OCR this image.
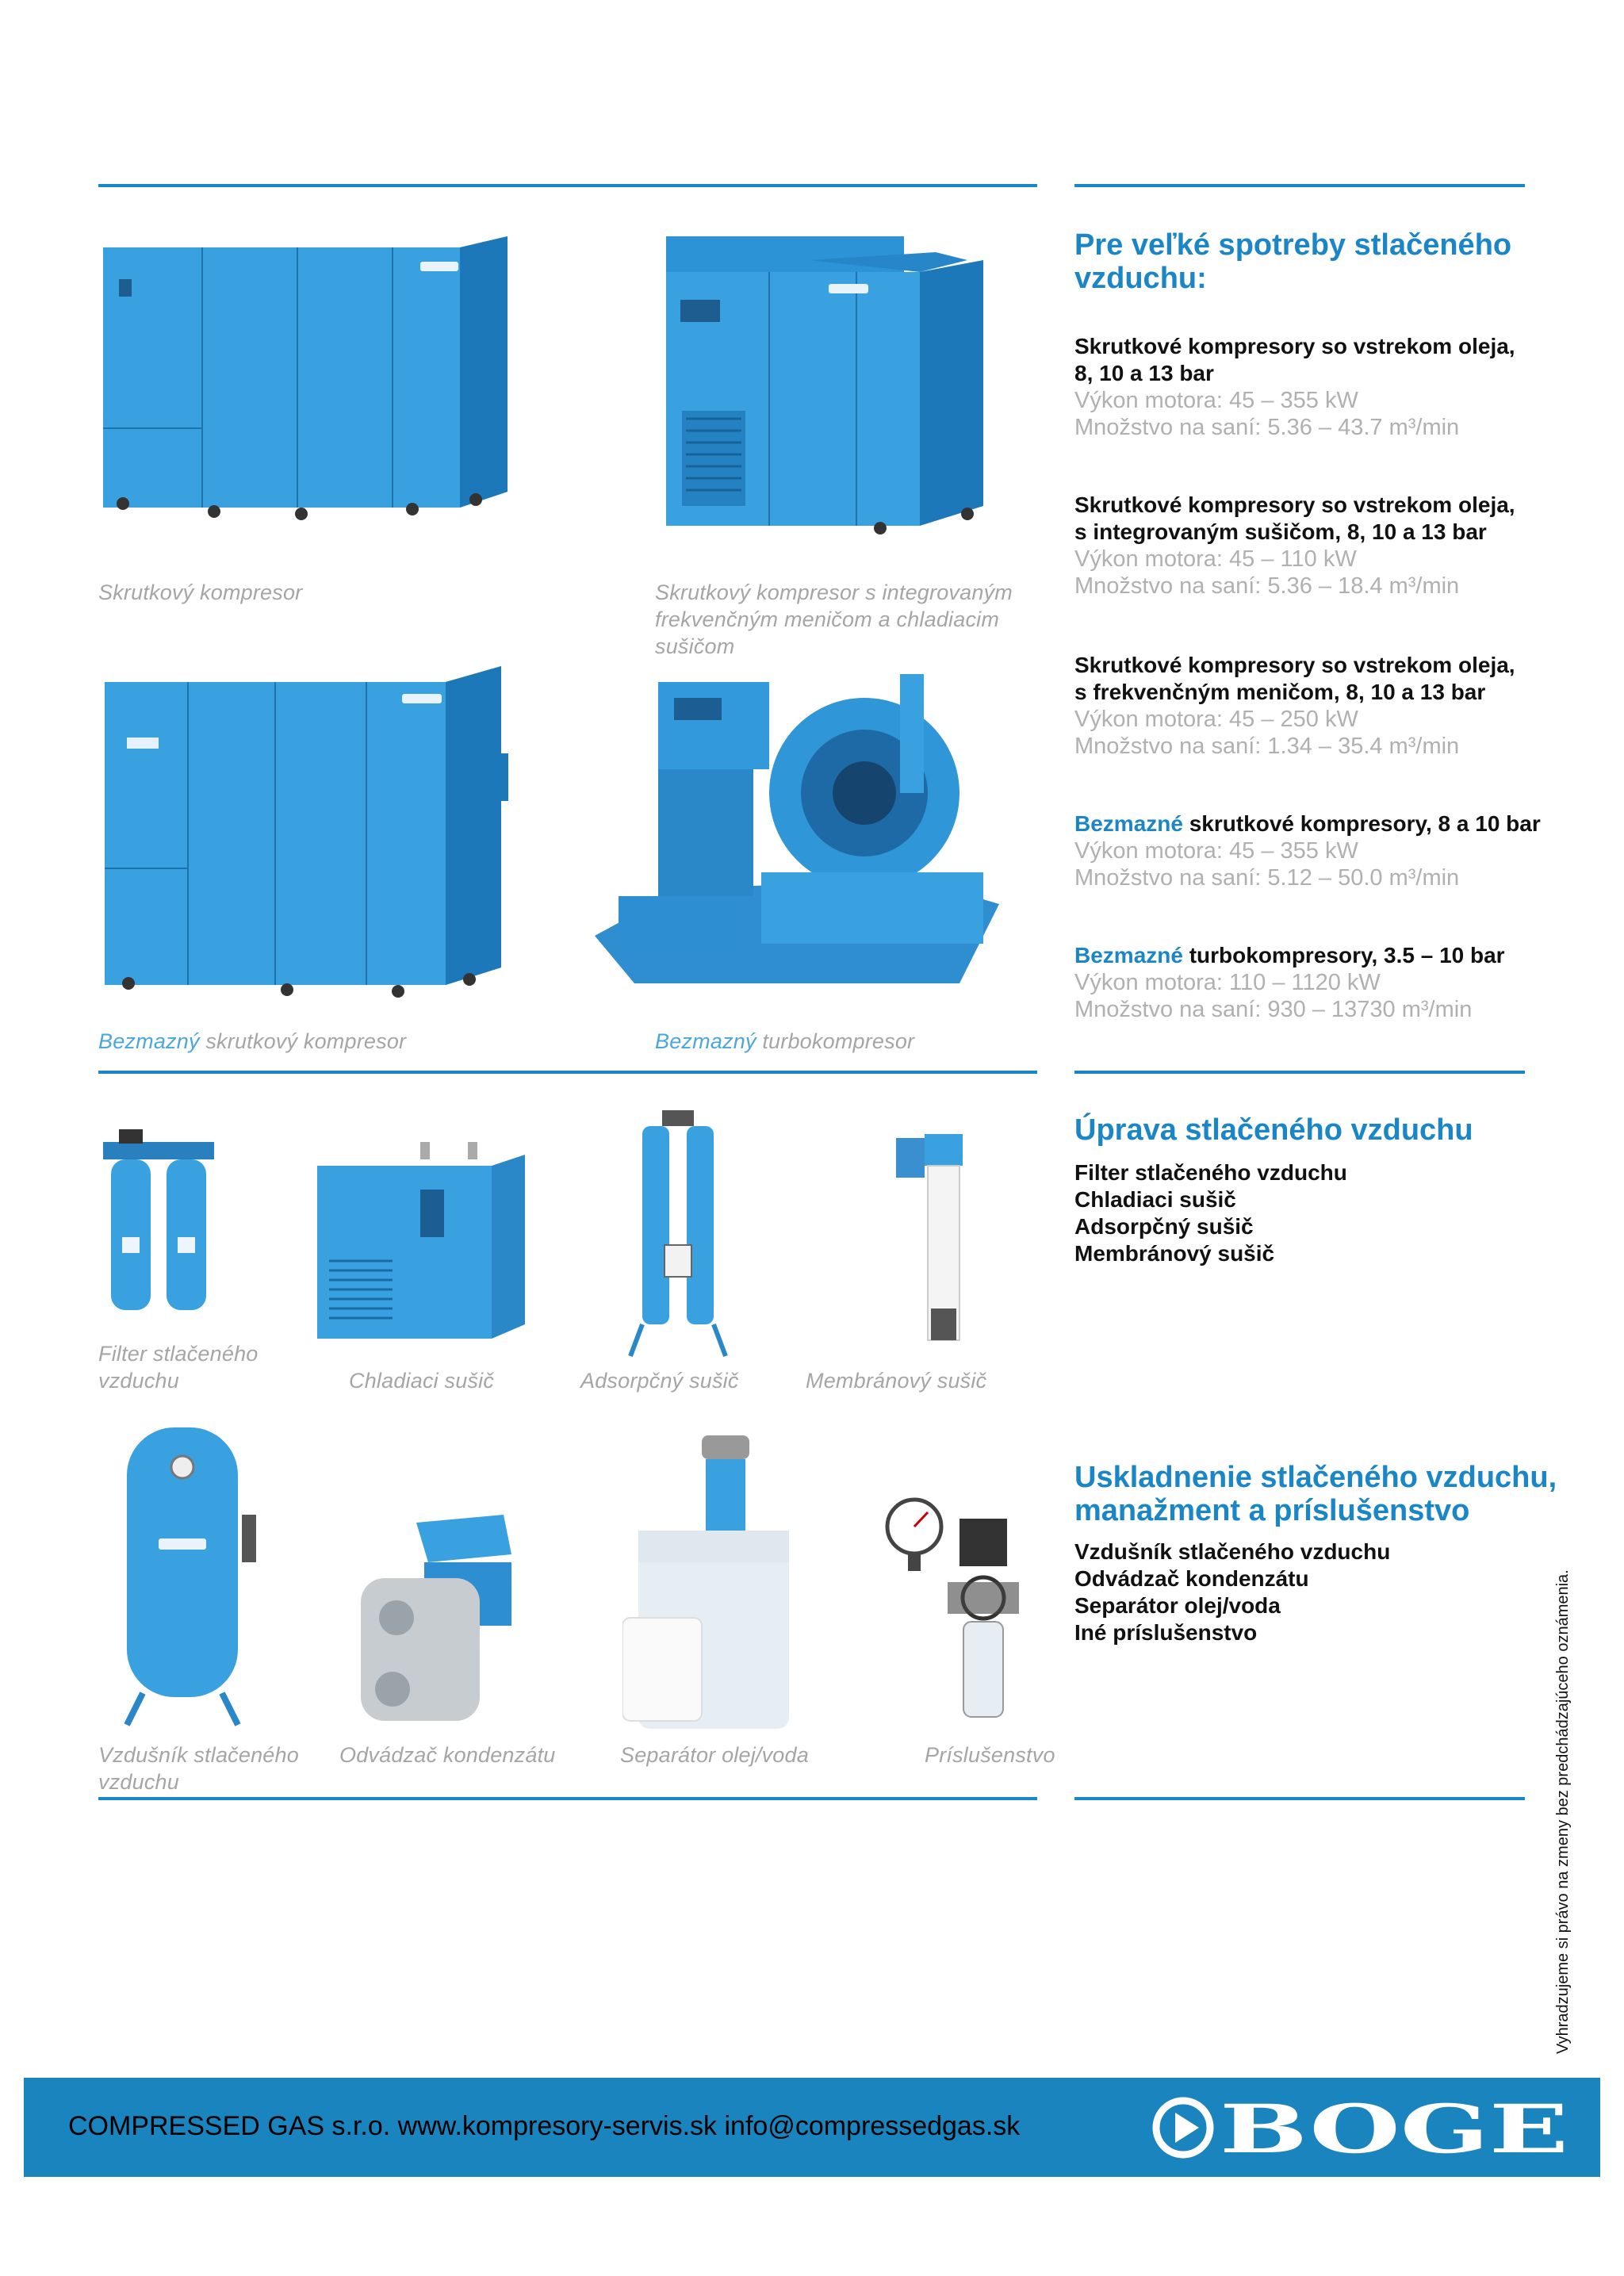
Skrutkový kompresor	Skrutkový kompresor s integrovaným
frekvenčným meničom a chladiacim
sušičom
Bezmazný skrutkový kompresor	Bezmazný turbokompresor
Filter stlačeného
vzduchu	Chladiaci sušič	Adsorpčný sušič	Membránový sušič
Vzdušník stlačeného
vzduchu
Odvádzač kondenzátu	Separátor olej/voda	Príslušenstvo
Pre veľké spotreby stlačeného
vzduchu:
Skrutkové kompresory so vstrekom oleja,
8, 10 a 13 bar
Výkon motora: 45 – 355 kW
Množstvo na saní: 5.36 – 43.7 m³/min
Skrutkové kompresory so vstrekom oleja,
s integrovaným sušičom, 8, 10 a 13 bar
Výkon motora: 45 – 110 kW
Množstvo na saní: 5.36 – 18.4 m³/min
Skrutkové kompresory so vstrekom oleja,
s frekvenčným meničom, 8, 10 a 13 bar
Výkon motora: 45 – 250 kW
Množstvo na saní: 1.34 – 35.4 m³/min
Bezmazné skrutkové kompresory, 8 a 10 bar
Výkon motora: 45 – 355 kW
Množstvo na saní: 5.12 – 50.0 m³/min
Bezmazné turbokompresory, 3.5 – 10 bar
Výkon motora: 110 – 1120 kW
Množstvo na saní: 930 – 13730 m³/min
Úprava stlačeného vzduchu
Filter stlačeného vzduchu
Chladiaci sušič
Adsorpčný sušič
Membránový sušič
Uskladnenie stlačeného vzduchu,
manažment a príslušenstvo
Vzdušník stlačeného vzduchu
Odvádzač kondenzátu
Separátor olej/voda
Iné príslušenstvo	Vyhradzujeme si právo na zmeny bez predchádzajúceho oznámenia.
COMPRESSED GAS s.r.o. www.kompresory-servis.sk info@compressedgas.sk	BOGE
